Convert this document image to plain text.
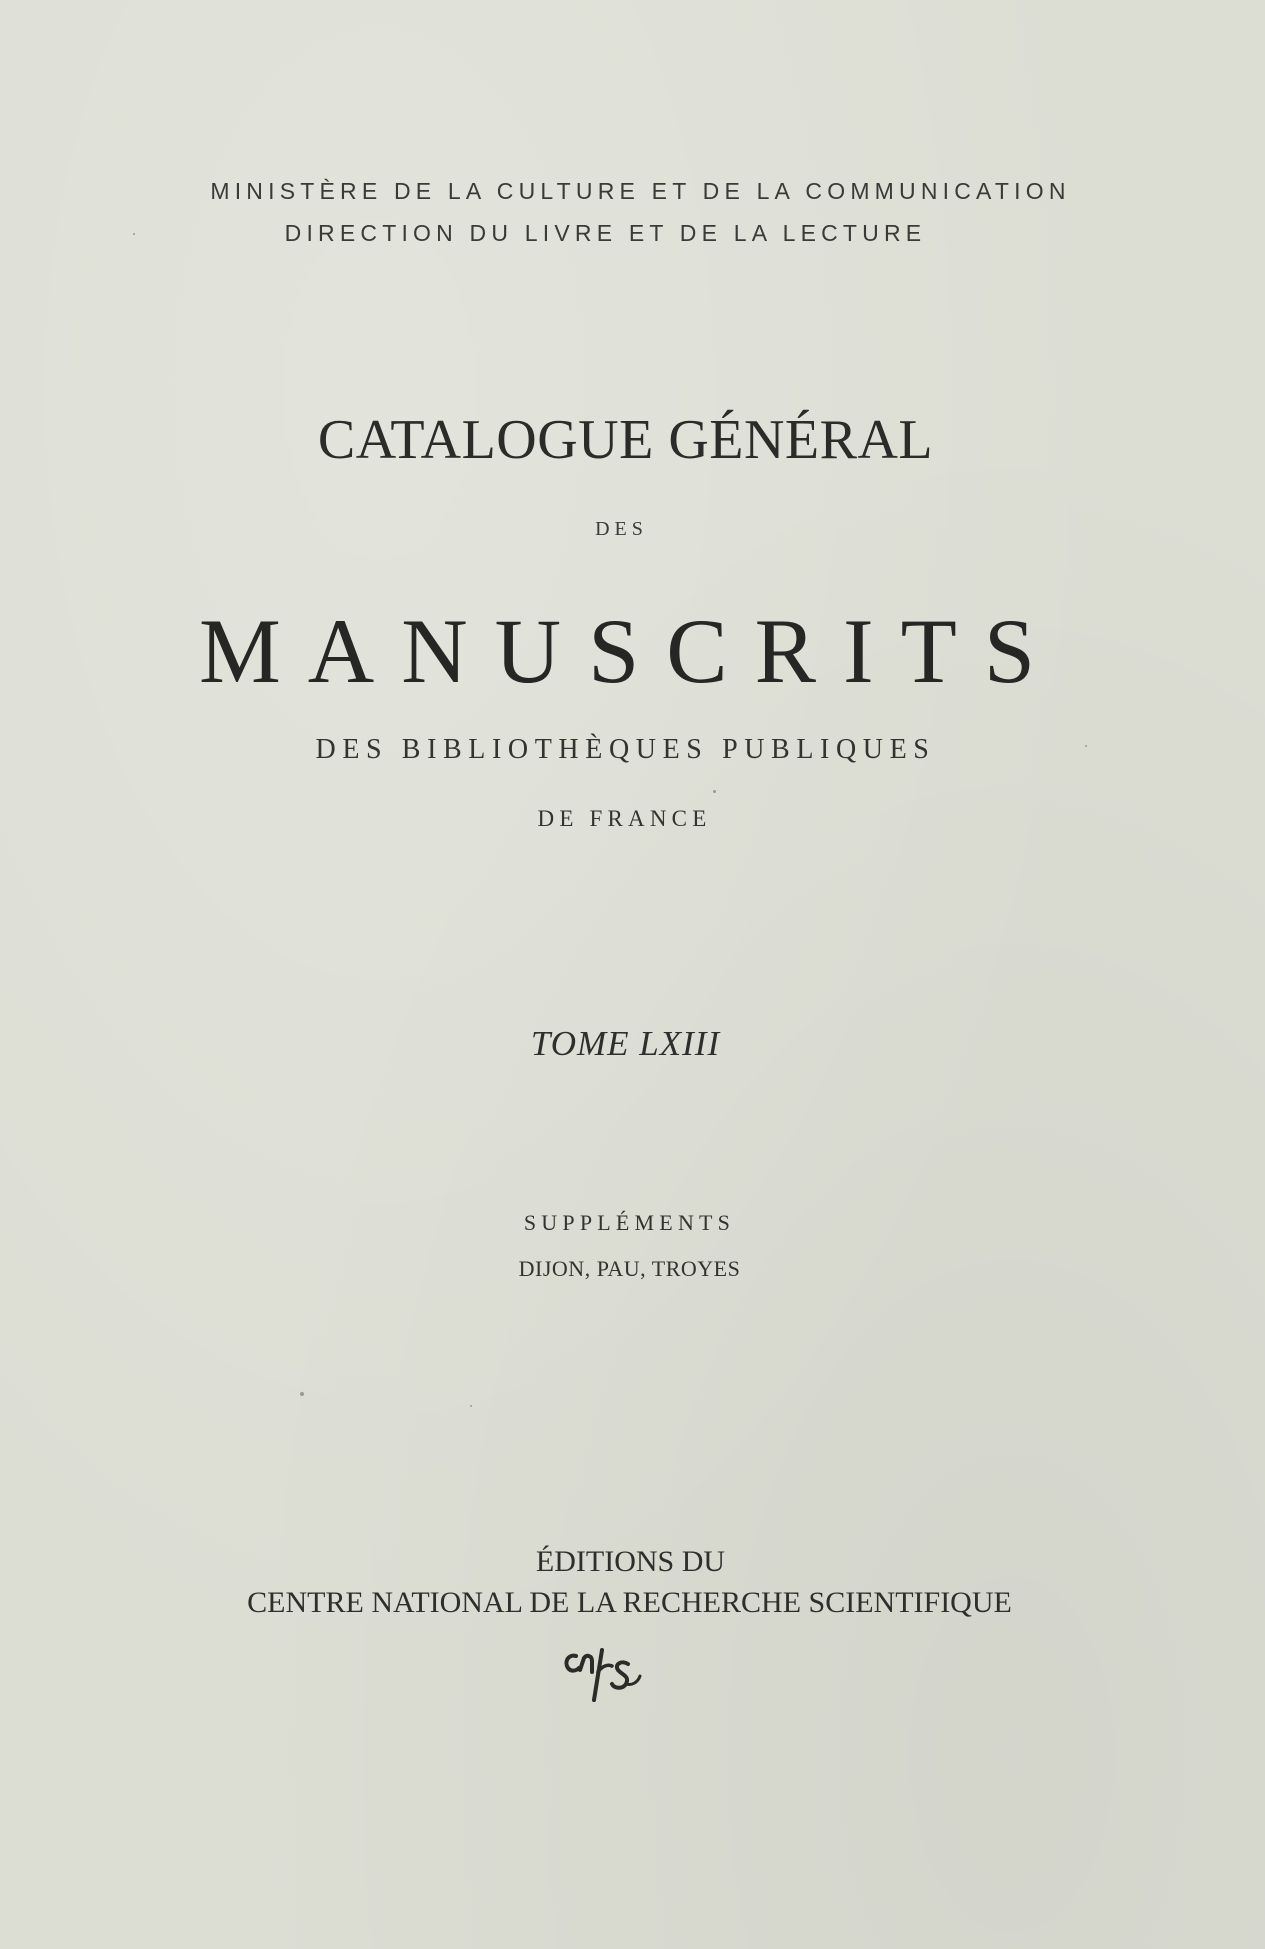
MINISTÈRE DE LA CULTURE ET DE LA COMMUNICATION
DIRECTION DU LIVRE ET DE LA LECTURE
CATALOGUE GÉNÉRAL
DES
MANUSCRITS
DES BIBLIOTHÈQUES PUBLIQUES
DE FRANCE
TOME LXIII
SUPPLÉMENTS
DIJON, PAU, TROYES
ÉDITIONS DU
CENTRE NATIONAL DE LA RECHERCHE SCIENTIFIQUE
